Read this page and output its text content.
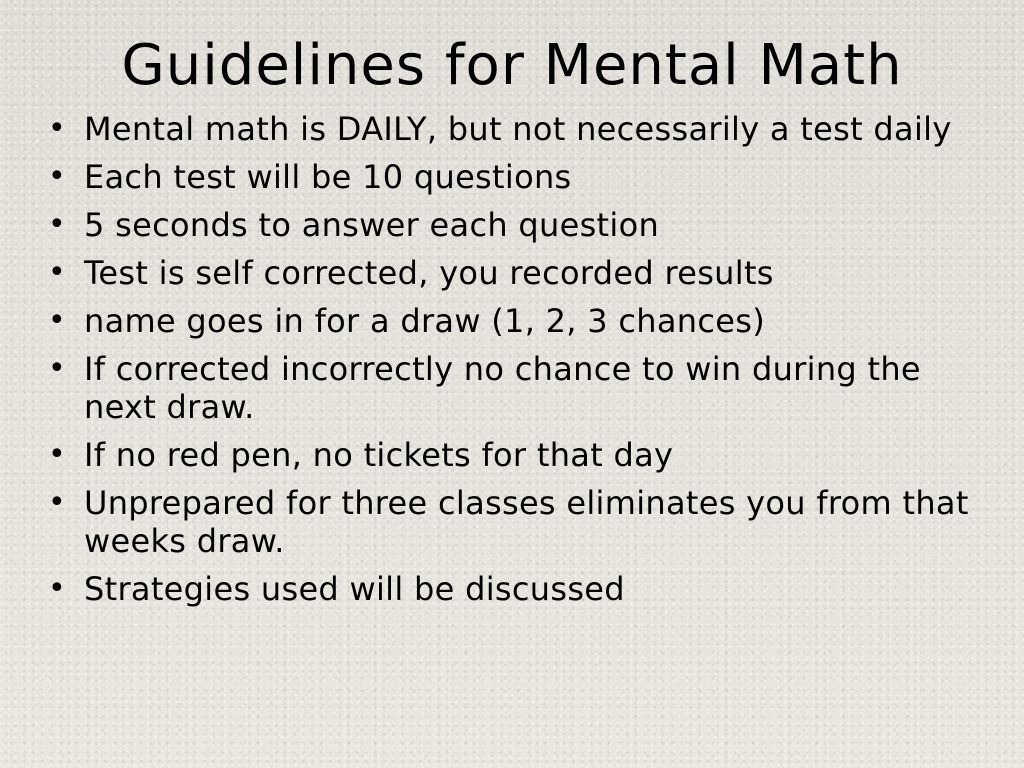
Guidelines for Mental Math
• Mental math is DAILY, but not necessarily a test daily
• Each test will be 10 questions
• 5 seconds to answer each question
• Test is self corrected, you recorded results
• name goes in for a draw (1, 2, 3 chances)
• If corrected incorrectly no chance to win during the next draw.
• If no red pen, no tickets for that day
• Unprepared for three classes eliminates you from that weeks draw.
• Strategies used will be discussed
